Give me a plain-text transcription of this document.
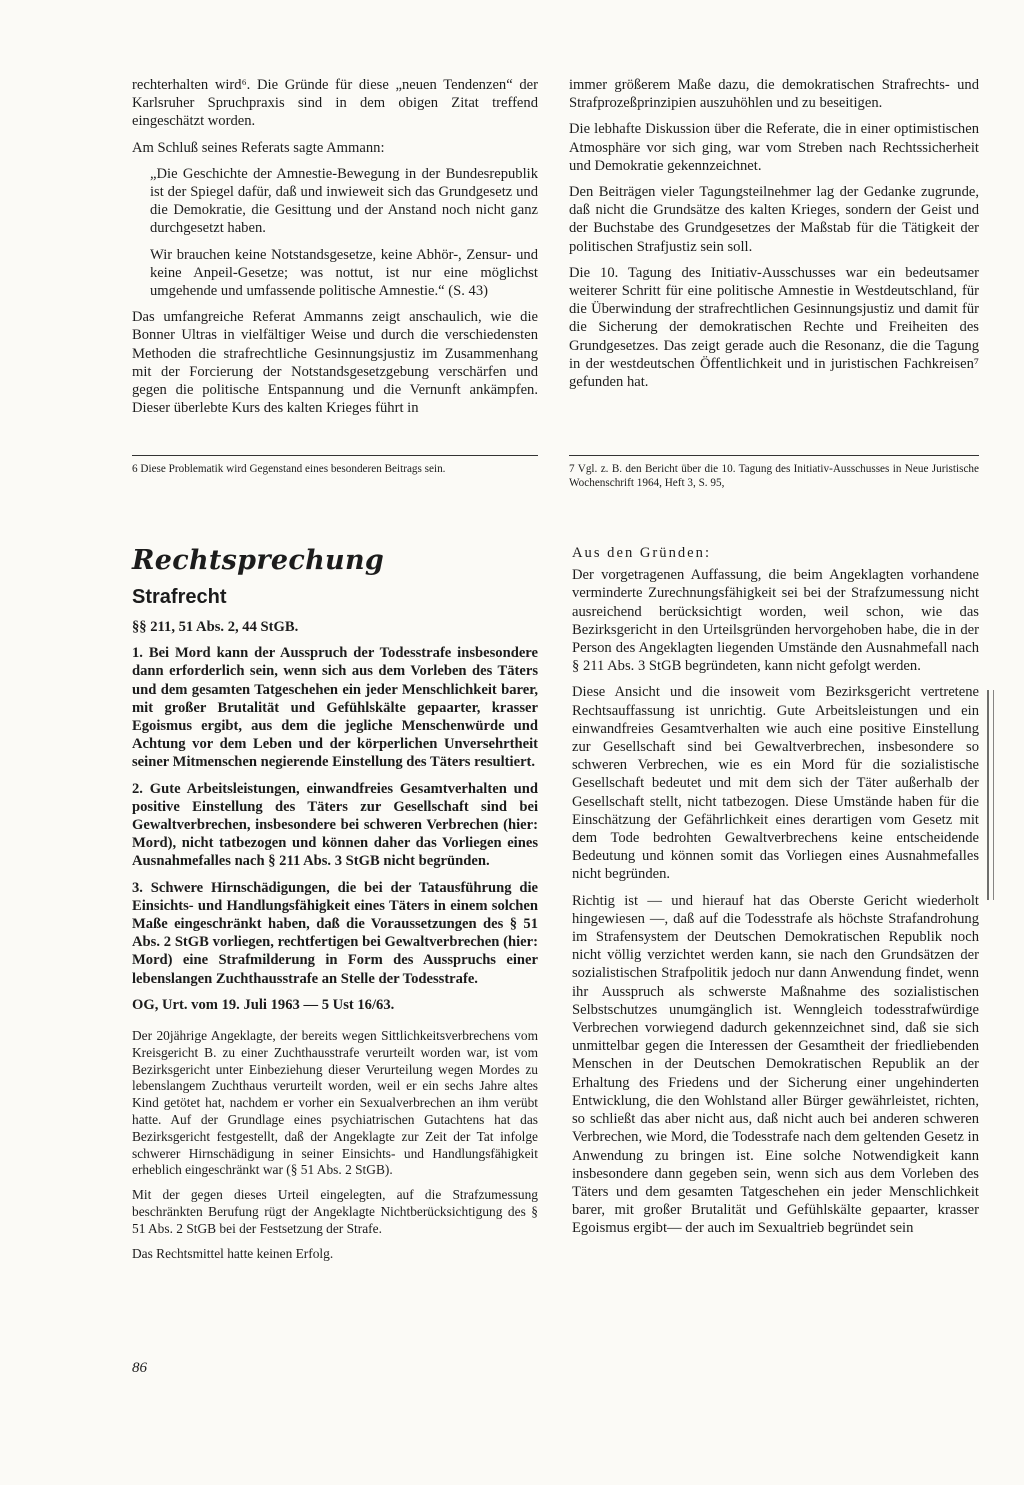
rechterhalten wird⁶. Die Gründe für diese „neuen Tendenzen“ der Karlsruher Spruchpraxis sind in dem obigen Zitat treffend eingeschätzt worden.

Am Schluß seines Referats sagte Ammann:

„Die Geschichte der Amnestie-Bewegung in der Bundesrepublik ist der Spiegel dafür, daß und inwieweit sich das Grundgesetz und die Demokratie, die Gesittung und der Anstand noch nicht ganz durchgesetzt haben.

Wir brauchen keine Notstandsgesetze, keine Abhör-, Zensur- und keine Anpeil-Gesetze; was nottut, ist nur eine möglichst umgehende und umfassende politische Amnestie.“ (S. 43)

Das umfangreiche Referat Ammanns zeigt anschaulich, wie die Bonner Ultras in vielfältiger Weise und durch die verschiedensten Methoden die strafrechtliche Gesinnungsjustiz im Zusammenhang mit der Forcierung der Notstandsgesetzgebung verschärfen und gegen die politische Entspannung und die Vernunft ankämpfen. Dieser überlebte Kurs des kalten Krieges führt in

immer größerem Maße dazu, die demokratischen Strafrechts- und Strafprozeßprinzipien auszuhöhlen und zu beseitigen.

Die lebhafte Diskussion über die Referate, die in einer optimistischen Atmosphäre vor sich ging, war vom Streben nach Rechtssicherheit und Demokratie gekennzeichnet.

Den Beiträgen vieler Tagungsteilnehmer lag der Gedanke zugrunde, daß nicht die Grundsätze des kalten Krieges, sondern der Geist und der Buchstabe des Grundgesetzes der Maßstab für die Tätigkeit der politischen Strafjustiz sein soll.

Die 10. Tagung des Initiativ-Ausschusses war ein bedeutsamer weiterer Schritt für eine politische Amnestie in Westdeutschland, für die Überwindung der strafrechtlichen Gesinnungsjustiz und damit für die Sicherung der demokratischen Rechte und Freiheiten des Grundgesetzes. Das zeigt gerade auch die Resonanz, die die Tagung in der westdeutschen Öffentlichkeit und in juristischen Fachkreisen⁷ gefunden hat.

6 Diese Problematik wird Gegenstand eines besonderen Beitrags sein.	7 Vgl. z. B. den Bericht über die 10. Tagung des Initiativ-Ausschusses in Neue Juristische Wochenschrift 1964, Heft 3, S. 95,
Rechtsprechung
Strafrecht

§§ 211, 51 Abs. 2, 44 StGB.

1. Bei Mord kann der Ausspruch der Todesstrafe insbesondere dann erforderlich sein, wenn sich aus dem Vorleben des Täters und dem gesamten Tatgeschehen ein jeder Menschlichkeit barer, mit großer Brutalität und Gefühlskälte gepaarter, krasser Egoismus ergibt, aus dem die jegliche Menschenwürde und Achtung vor dem Leben und der körperlichen Unversehrtheit seiner Mitmenschen negierende Einstellung des Täters resultiert.

2. Gute Arbeitsleistungen, einwandfreies Gesamtverhalten und positive Einstellung des Täters zur Gesellschaft sind bei Gewaltverbrechen, insbesondere bei schweren Verbrechen (hier: Mord), nicht tatbezogen und können daher das Vorliegen eines Ausnahmefalles nach § 211 Abs. 3 StGB nicht begründen.

3. Schwere Hirnschädigungen, die bei der Tatausführung die Einsichts- und Handlungsfähigkeit eines Täters in einem solchen Maße eingeschränkt haben, daß die Voraussetzungen des § 51 Abs. 2 StGB vorliegen, rechtfertigen bei Gewaltverbrechen (hier: Mord) eine Strafmilderung in Form des Ausspruchs einer lebenslangen Zuchthausstrafe an Stelle der Todesstrafe.

OG, Urt. vom 19. Juli 1963 — 5 Ust 16/63.

Der 20jährige Angeklagte, der bereits wegen Sittlichkeitsverbrechens vom Kreisgericht B. zu einer Zuchthausstrafe verurteilt worden war, ist vom Bezirksgericht unter Einbeziehung dieser Verurteilung wegen Mordes zu lebenslangem Zuchthaus verurteilt worden, weil er ein sechs Jahre altes Kind getötet hat, nachdem er vorher ein Sexualverbrechen an ihm verübt hatte. Auf der Grundlage eines psychiatrischen Gutachtens hat das Bezirksgericht festgestellt, daß der Angeklagte zur Zeit der Tat infolge schwerer Hirnschädigung in seiner Einsichts- und Handlungsfähigkeit erheblich eingeschränkt war (§ 51 Abs. 2 StGB).

Mit der gegen dieses Urteil eingelegten, auf die Strafzumessung beschränkten Berufung rügt der Angeklagte Nichtberücksichtigung des § 51 Abs. 2 StGB bei der Festsetzung der Strafe.

Das Rechtsmittel hatte keinen Erfolg.

Aus den Gründen:

Der vorgetragenen Auffassung, die beim Angeklagten vorhandene verminderte Zurechnungsfähigkeit sei bei der Strafzumessung nicht ausreichend berücksichtigt worden, weil schon, wie das Bezirksgericht in den Urteilsgründen hervorgehoben habe, die in der Person des Angeklagten liegenden Umstände den Ausnahmefall nach § 211 Abs. 3 StGB begründeten, kann nicht gefolgt werden.

Diese Ansicht und die insoweit vom Bezirksgericht vertretene Rechtsauffassung ist unrichtig. Gute Arbeitsleistungen und ein einwandfreies Gesamtverhalten wie auch eine positive Einstellung zur Gesellschaft sind bei Gewaltverbrechen, insbesondere so schweren Verbrechen, wie es ein Mord für die sozialistische Gesellschaft bedeutet und mit dem sich der Täter außerhalb der Gesellschaft stellt, nicht tatbezogen. Diese Umstände haben für die Einschätzung der Gefährlichkeit eines derartigen vom Gesetz mit dem Tode bedrohten Gewaltverbrechens keine entscheidende Bedeutung und können somit das Vorliegen eines Ausnahmefalles nicht begründen.

Richtig ist — und hierauf hat das Oberste Gericht wiederholt hingewiesen —, daß auf die Todesstrafe als höchste Strafandrohung im Strafensystem der Deutschen Demokratischen Republik noch nicht völlig verzichtet werden kann, sie nach den Grundsätzen der sozialistischen Strafpolitik jedoch nur dann Anwendung findet, wenn ihr Ausspruch als schwerste Maßnahme des sozialistischen Selbstschutzes unumgänglich ist. Wenngleich todesstrafwürdige Verbrechen vorwiegend dadurch gekennzeichnet sind, daß sie sich unmittelbar gegen die Interessen der Gesamtheit der friedliebenden Menschen in der Deutschen Demokratischen Republik an der Erhaltung des Friedens und der Sicherung einer ungehinderten Entwicklung, die den Wohlstand aller Bürger gewährleistet, richten, so schließt das aber nicht aus, daß nicht auch bei anderen schweren Verbrechen, wie Mord, die Todesstrafe nach dem geltenden Gesetz in Anwendung zu bringen ist. Eine solche Notwendigkeit kann insbesondere dann gegeben sein, wenn sich aus dem Vorleben des Täters und dem gesamten Tatgeschehen ein jeder Menschlichkeit barer, mit großer Brutalität und Gefühlskälte gepaarter, krasser Egoismus ergibt— der auch im Sexualtrieb begründet sein

86
